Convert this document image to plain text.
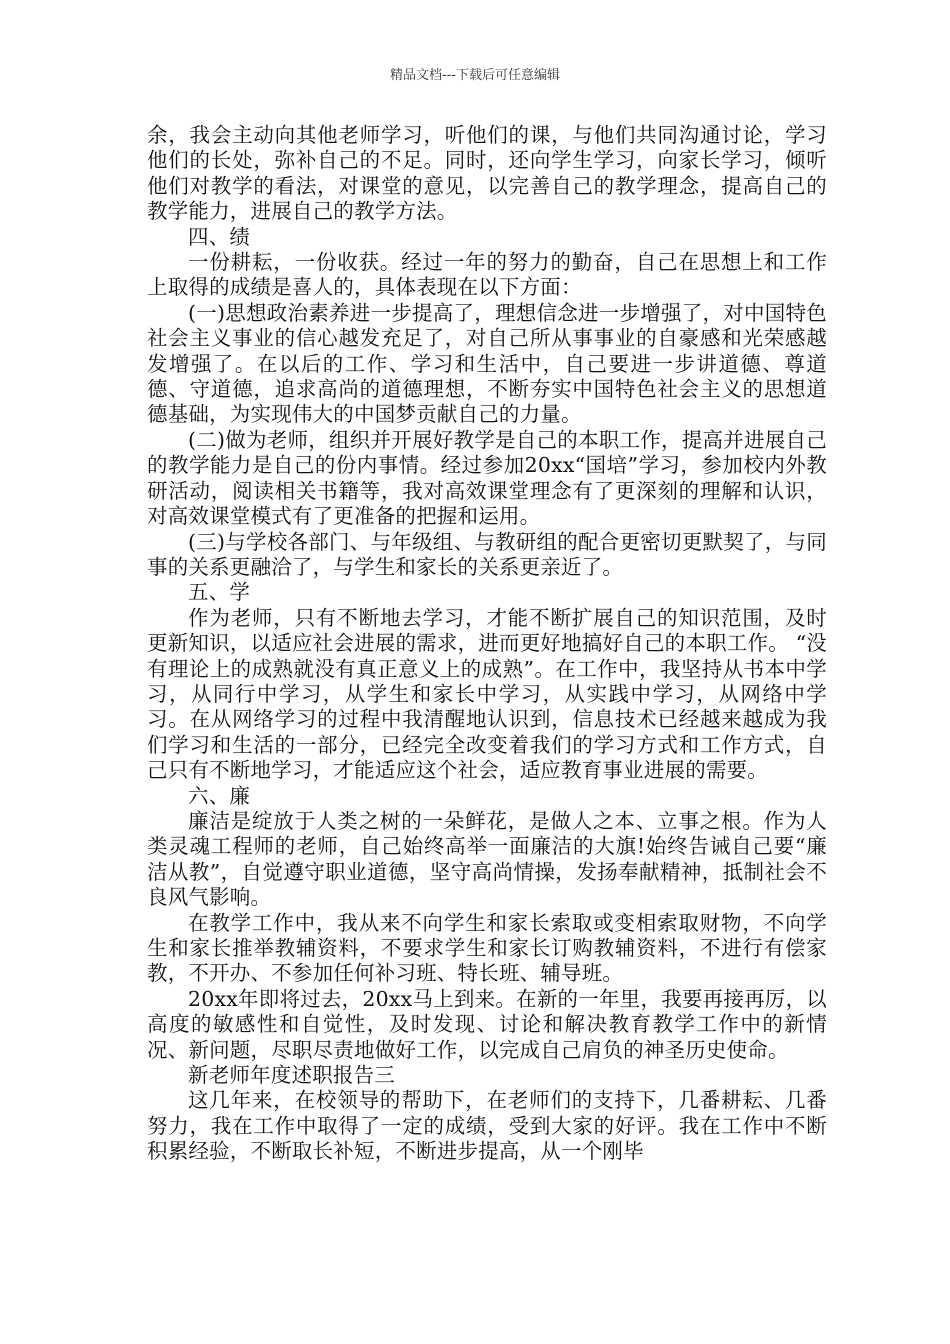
精品文档---下载后可任意编辑

余，我会主动向其他老师学习，听他们的课，与他们共同沟通讨论，学习他们的长处，弥补自己的不足。同时，还向学生学习，向家长学习，倾听他们对教学的看法，对课堂的意见，以完善自己的教学理念，提高自己的教学能力，进展自己的教学方法。

四、绩

一份耕耘，一份收获。经过一年的努力的勤奋，自己在思想上和工作上取得的成绩是喜人的，具体表现在以下方面：

(一)思想政治素养进一步提高了，理想信念进一步增强了，对中国特色社会主义事业的信心越发充足了，对自己所从事事业的自豪感和光荣感越发增强了。在以后的工作、学习和生活中，自己要进一步讲道德、尊道德、守道德，追求高尚的道德理想，不断夯实中国特色社会主义的思想道德基础，为实现伟大的中国梦贡献自己的力量。

(二)做为老师，组织并开展好教学是自己的本职工作，提高并进展自己的教学能力是自己的份内事情。经过参加20xx“国培”学习，参加校内外教研活动，阅读相关书籍等，我对高效课堂理念有了更深刻的理解和认识，对高效课堂模式有了更准备的把握和运用。

(三)与学校各部门、与年级组、与教研组的配合更密切更默契了，与同事的关系更融洽了，与学生和家长的关系更亲近了。

五、学

作为老师，只有不断地去学习，才能不断扩展自己的知识范围，及时更新知识，以适应社会进展的需求，进而更好地搞好自己的本职工作。 “没有理论上的成熟就没有真正意义上的成熟”。在工作中，我坚持从书本中学习，从同行中学习，从学生和家长中学习，从实践中学习，从网络中学习。在从网络学习的过程中我清醒地认识到，信息技术已经越来越成为我们学习和生活的一部分，已经完全改变着我们的学习方式和工作方式，自己只有不断地学习，才能适应这个社会，适应教育事业进展的需要。

六、廉

廉洁是绽放于人类之树的一朵鲜花，是做人之本、立事之根。作为人类灵魂工程师的老师，自己始终高举一面廉洁的大旗!始终告诫自己要“廉洁从教”，自觉遵守职业道德，坚守高尚情操，发扬奉献精神，抵制社会不良风气影响。

在教学工作中，我从来不向学生和家长索取或变相索取财物，不向学生和家长推举教辅资料，不要求学生和家长订购教辅资料，不进行有偿家教，不开办、不参加任何补习班、特长班、辅导班。

20xx年即将过去，20xx马上到来。在新的一年里，我要再接再厉，以高度的敏感性和自觉性，及时发现、讨论和解决教育教学工作中的新情况、新问题，尽职尽责地做好工作，以完成自己肩负的神圣历史使命。

新老师年度述职报告三

这几年来，在校领导的帮助下，在老师们的支持下，几番耕耘、几番努力，我在工作中取得了一定的成绩，受到大家的好评。我在工作中不断积累经验，不断取长补短，不断进步提高，从一个刚毕
